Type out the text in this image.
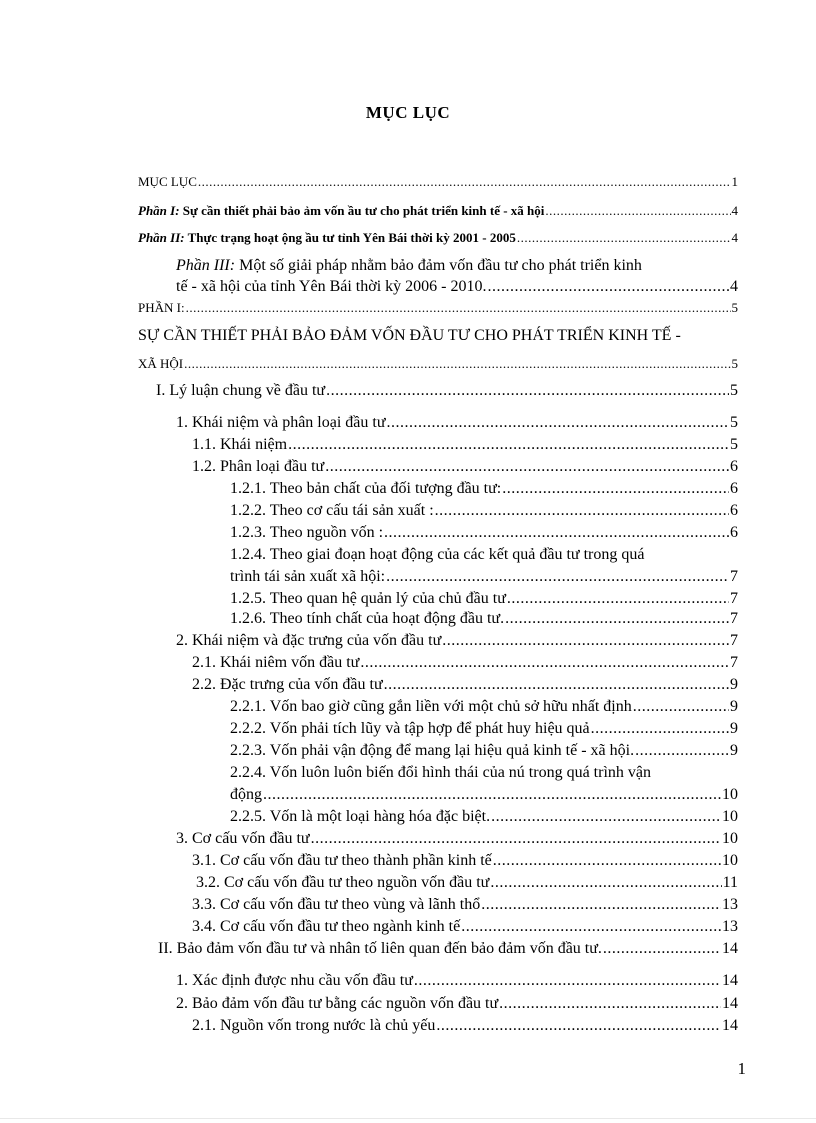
MỤC LỤC
MỤC LỤC .....	1
Phần I: Sự cần thiết phải bảo ảm vốn ầu tư cho phát triển kinh tế - xã hội .....	4
Phần II: Thực trạng hoạt ộng ầu tư tỉnh Yên Bái thời kỳ 2001 - 2005 .....	4
Phần III: Một số giải pháp nhằm bảo đảm vốn đầu tư cho phát triển kinh
tế - xã hội của tỉnh Yên Bái thời kỳ 2006 - 2010. .....	4
PHẦN I: .....	5
SỰ CẦN THIẾT PHẢI BẢO ĐẢM VỐN ĐẦU TƯ CHO PHÁT TRIỂN KINH TẾ -
XÃ HỘI .....	5
I. Lý luận chung về đầu tư .....	5
1. Khái niệm và phân loại đầu tư .....	5
1.1. Khái niệm .....	5
1.2. Phân loại đầu tư .....	6
1.2.1. Theo bản chất của đối tượng đầu tư: .....	6
1.2.2. Theo cơ cấu tái sản xuất : .....	6
1.2.3. Theo nguồn vốn : .....	6
1.2.4. Theo giai đoạn hoạt động của các kết quả đầu tư trong quá
trình tái sản xuất xã hội: .....	7
1.2.5. Theo quan hệ quản lý của chủ đầu tư .....	7
1.2.6. Theo tính chất của hoạt động đầu tư. .....	7
2. Khái niệm và đặc trưng của vốn đầu tư .....	7
2.1. Khái niêm vốn đầu tư .....	7
2.2. Đặc trưng của vốn đầu tư .....	9
2.2.1. Vốn bao giờ cũng gắn liền với một chủ sở hữu nhất định .....	9
2.2.2. Vốn phải tích lũy và tập hợp để phát huy hiệu quả .....	9
2.2.3. Vốn phải vận động để mang lại hiệu quả kinh tế - xã hội. .....	9
2.2.4. Vốn luôn luôn biến đổi hình thái của nú trong quá trình vận
động .....	10
2.2.5. Vốn là một loại hàng hóa đặc biệt. .....	10
3. Cơ cấu vốn đầu tư .....	10
3.1. Cơ cấu vốn đầu tư theo thành phần kinh tế .....	10
3.2. Cơ cấu vốn đầu tư theo nguồn vốn đầu tư .....	11
3.3. Cơ cấu vốn đầu tư theo vùng và lãnh thổ .....	13
3.4. Cơ cấu vốn đầu tư theo ngành kinh tế .....	13
II. Bảo đảm vốn đầu tư và nhân tố liên quan đến bảo đảm vốn đầu tư. .....	14
1. Xác định được nhu cầu vốn đầu tư .....	14
2. Bảo đảm vốn đầu tư bằng các nguồn vốn đầu tư .....	14
2.1. Nguồn vốn trong nước là chủ yếu .....	14
1
